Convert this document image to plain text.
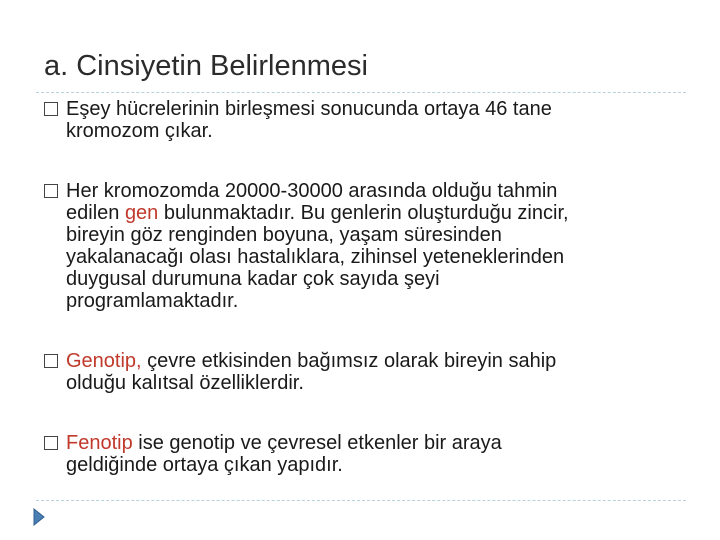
a. Cinsiyetin Belirlenmesi
Eşey hücrelerinin birleşmesi sonucunda ortaya 46 tane
kromozom çıkar.
Her kromozomda 20000-30000 arasında olduğu tahmin
edilen gen bulunmaktadır. Bu genlerin oluşturduğu zincir,
bireyin göz renginden boyuna, yaşam süresinden
yakalanacağı olası hastalıklara, zihinsel yeteneklerinden
duygusal durumuna kadar çok sayıda şeyi
programlamaktadır.
Genotip, çevre etkisinden bağımsız olarak bireyin sahip
olduğu kalıtsal özelliklerdir.
Fenotip ise genotip ve çevresel etkenler bir araya
geldiğinde ortaya çıkan yapıdır.
